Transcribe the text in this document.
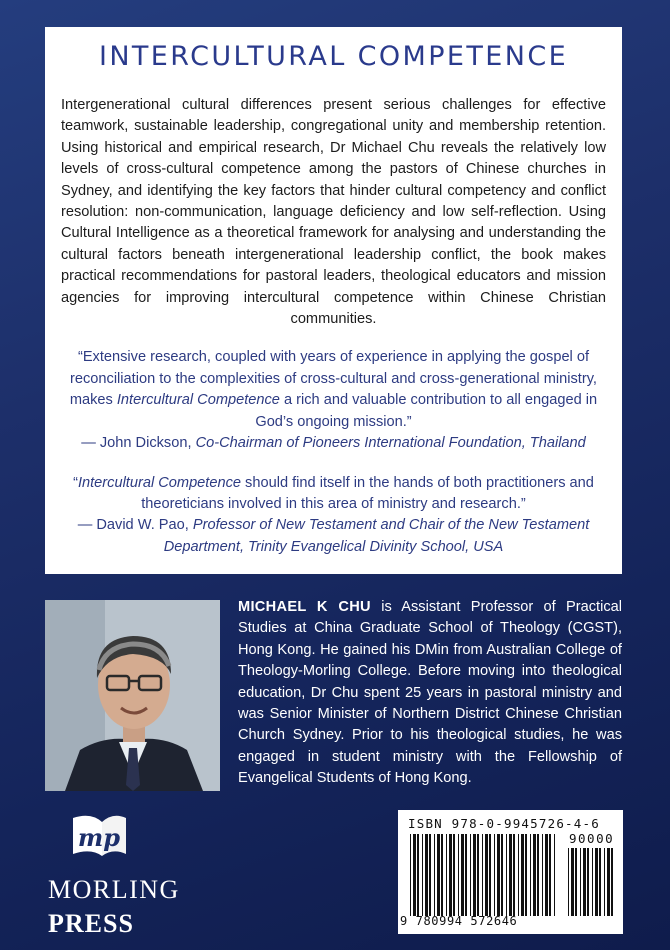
INTERCULTURAL COMPETENCE

Intergenerational cultural differences present serious challenges for effective teamwork, sustainable leadership, congregational unity and membership retention. Using historical and empirical research, Dr Michael Chu reveals the relatively low levels of cross-cultural competence among the pastors of Chinese churches in Sydney, and identifying the key factors that hinder cultural competency and conflict resolution: non-communication, language deficiency and low self-reflection. Using Cultural Intelligence as a theoretical framework for analysing and understanding the cultural factors beneath intergenerational leadership conflict, the book makes practical recommendations for pastoral leaders, theological educators and mission agencies for improving intercultural competence within Chinese Christian communities.

“Extensive research, coupled with years of experience in applying the gospel of reconciliation to the complexities of cross-cultural and cross-generational ministry, makes Intercultural Competence a rich and valuable contribution to all engaged in God’s ongoing mission.”

— John Dickson, Co-Chairman of Pioneers International Foundation, Thailand

“Intercultural Competence should find itself in the hands of both practitioners and theoreticians involved in this area of ministry and research.”

— David W. Pao, Professor of New Testament and Chair of the New Testament Department, Trinity Evangelical Divinity School, USA

MICHAEL K CHU is Assistant Professor of Practical Studies at China Graduate School of Theology (CGST), Hong Kong. He gained his DMin from Australian College of Theology-Morling College. Before moving into theological education, Dr Chu spent 25 years in pastoral ministry and was Senior Minister of Northern District Chinese Christian Church Sydney. Prior to his theological studies, he was engaged in student ministry with the Fellowship of Evangelical Students of Hong Kong.

mp
MORLING
PRESS
ISBN 978-0-9945726-4-6
90000
9 780994 572646
